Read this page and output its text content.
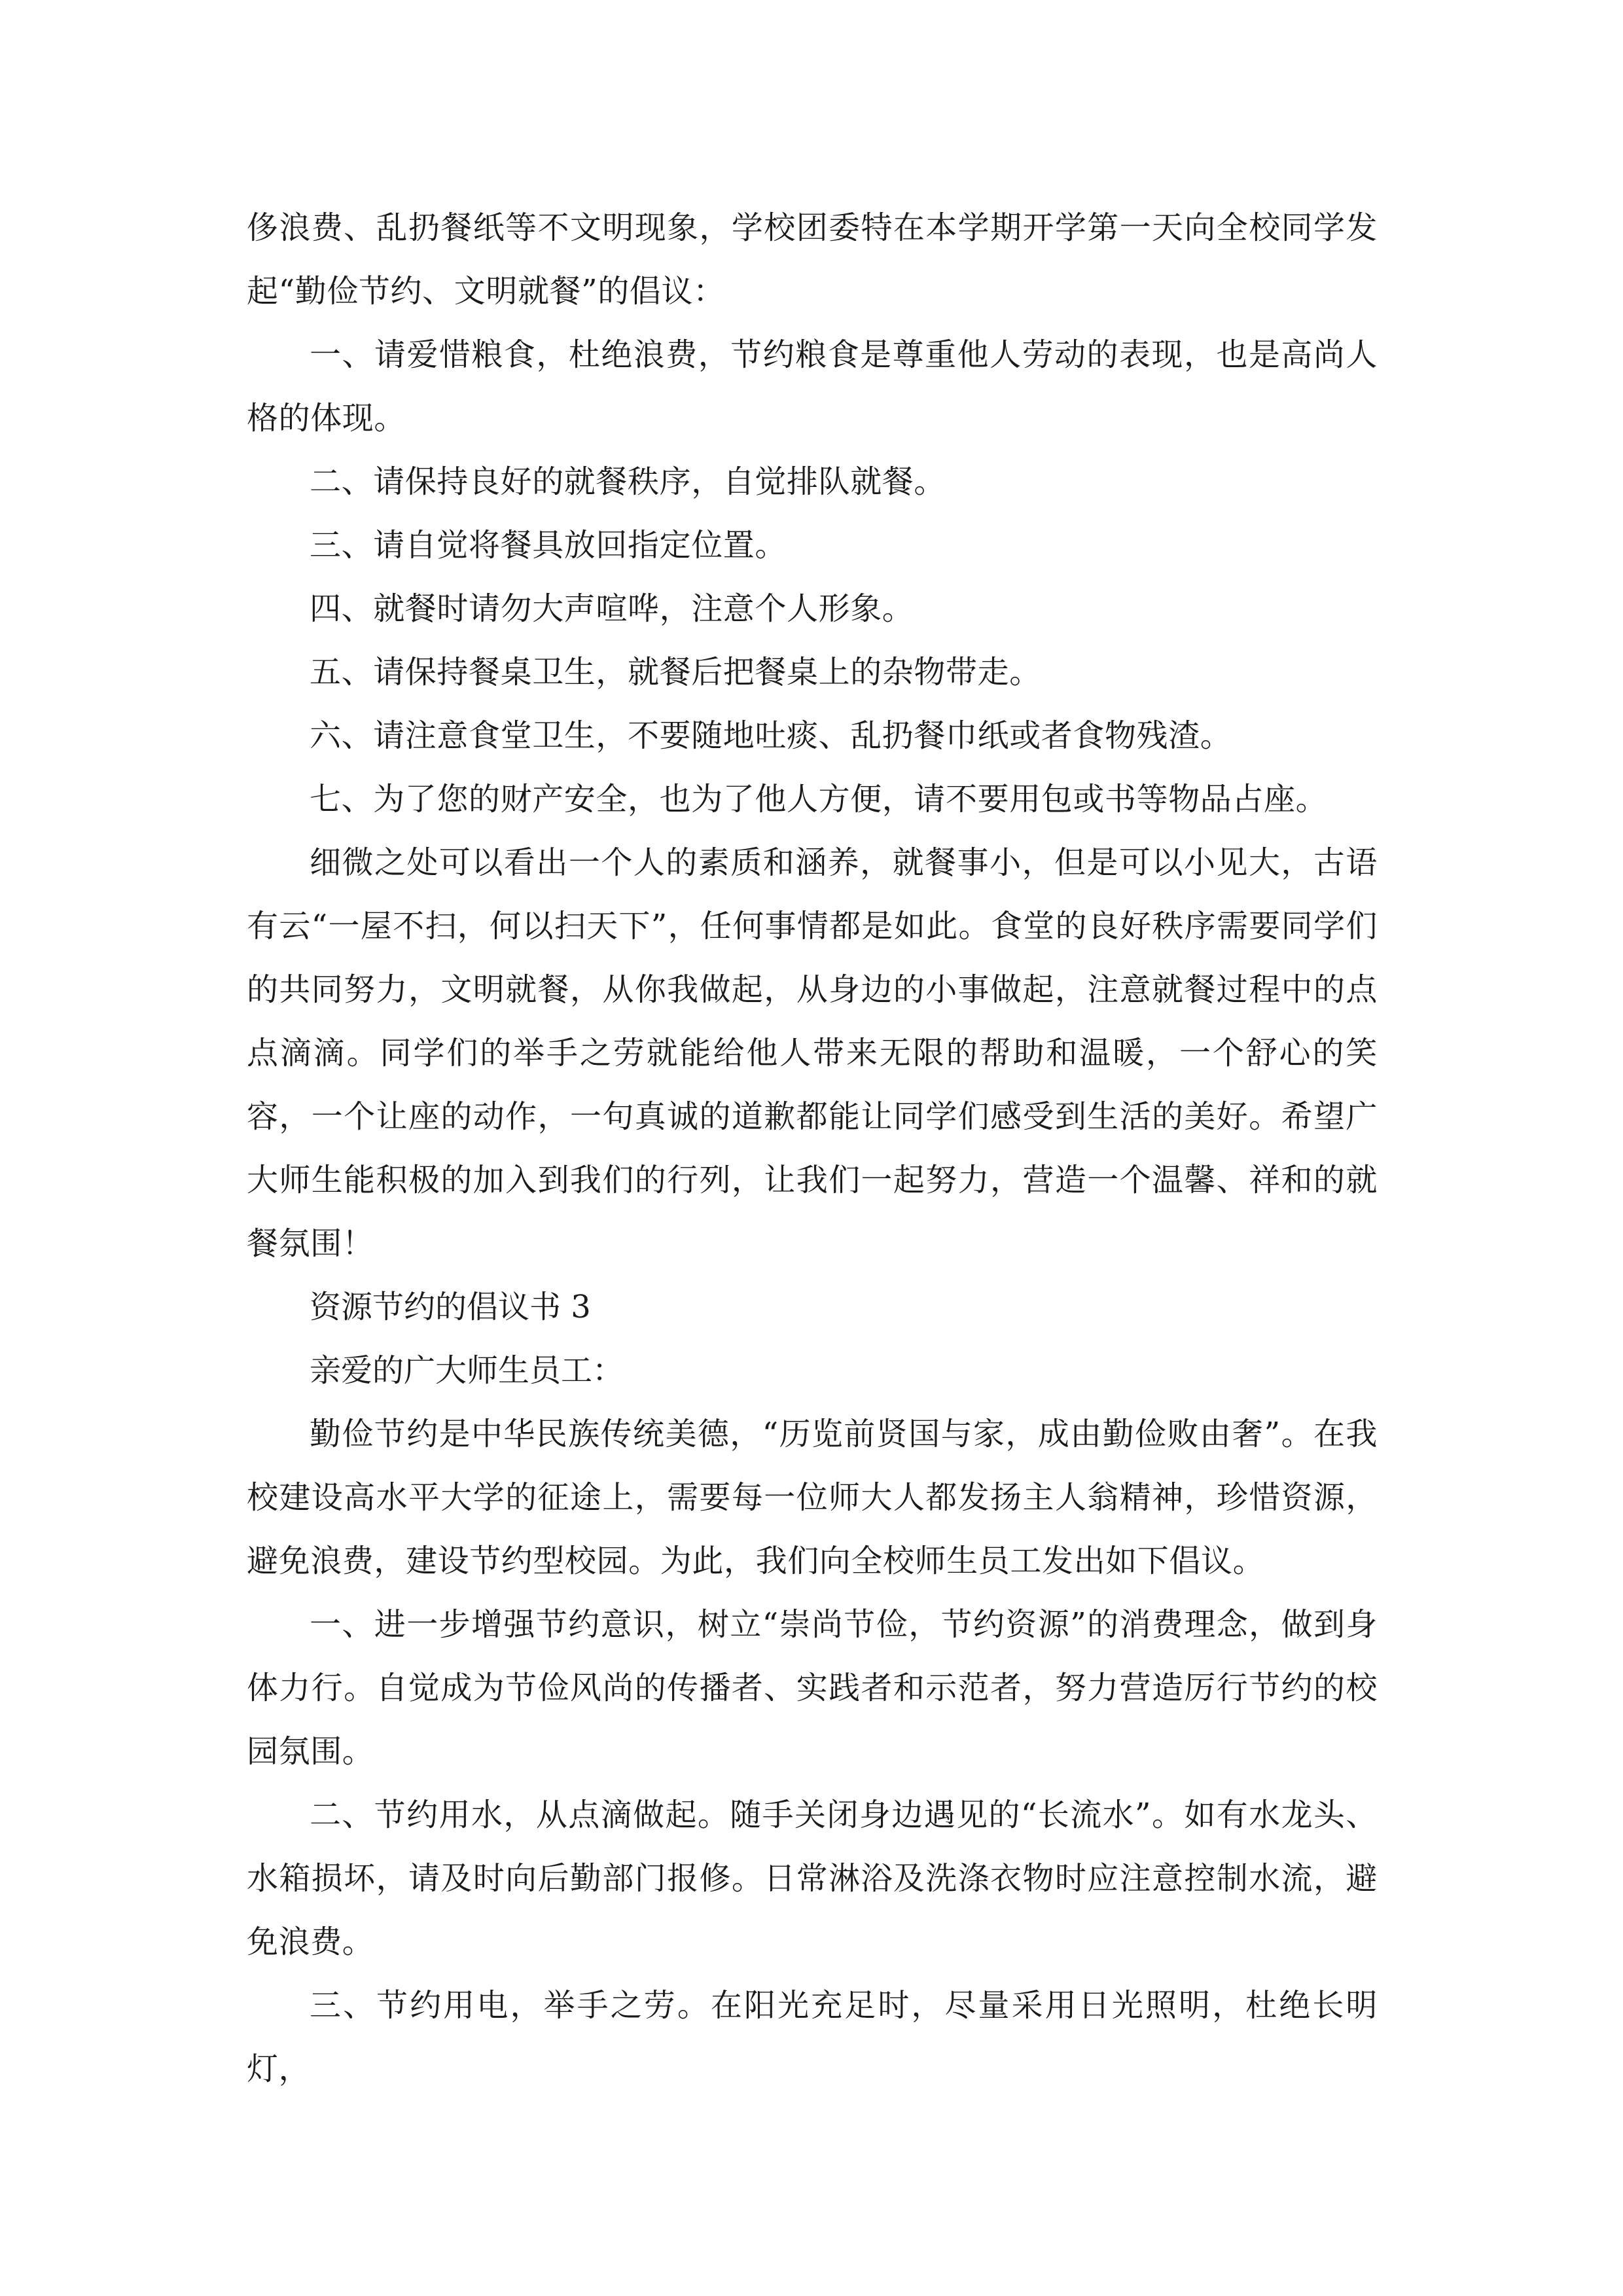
侈浪费、乱扔餐纸等不文明现象，学校团委特在本学期开学第一天向全校同学发起“勤俭节约、文明就餐”的倡议：

一、请爱惜粮食，杜绝浪费，节约粮食是尊重他人劳动的表现，也是高尚人格的体现。

二、请保持良好的就餐秩序，自觉排队就餐。

三、请自觉将餐具放回指定位置。

四、就餐时请勿大声喧哗，注意个人形象。

五、请保持餐桌卫生，就餐后把餐桌上的杂物带走。

六、请注意食堂卫生，不要随地吐痰、乱扔餐巾纸或者食物残渣。

七、为了您的财产安全，也为了他人方便，请不要用包或书等物品占座。

细微之处可以看出一个人的素质和涵养，就餐事小，但是可以小见大，古语有云“一屋不扫，何以扫天下”，任何事情都是如此。食堂的良好秩序需要同学们的共同努力，文明就餐，从你我做起，从身边的小事做起，注意就餐过程中的点点滴滴。同学们的举手之劳就能给他人带来无限的帮助和温暖，一个舒心的笑容，一个让座的动作，一句真诚的道歉都能让同学们感受到生活的美好。希望广大师生能积极的加入到我们的行列，让我们一起努力，营造一个温馨、祥和的就餐氛围！

资源节约的倡议书 3

亲爱的广大师生员工：

勤俭节约是中华民族传统美德，“历览前贤国与家，成由勤俭败由奢”。在我校建设高水平大学的征途上，需要每一位师大人都发扬主人翁精神，珍惜资源，避免浪费，建设节约型校园。为此，我们向全校师生员工发出如下倡议。

一、进一步增强节约意识，树立“崇尚节俭，节约资源”的消费理念，做到身体力行。自觉成为节俭风尚的传播者、实践者和示范者，努力营造厉行节约的校园氛围。

二、节约用水，从点滴做起。随手关闭身边遇见的“长流水”。如有水龙头、水箱损坏，请及时向后勤部门报修。日常淋浴及洗涤衣物时应注意控制水流，避免浪费。

三、节约用电，举手之劳。在阳光充足时，尽量采用日光照明，杜绝长明灯，
